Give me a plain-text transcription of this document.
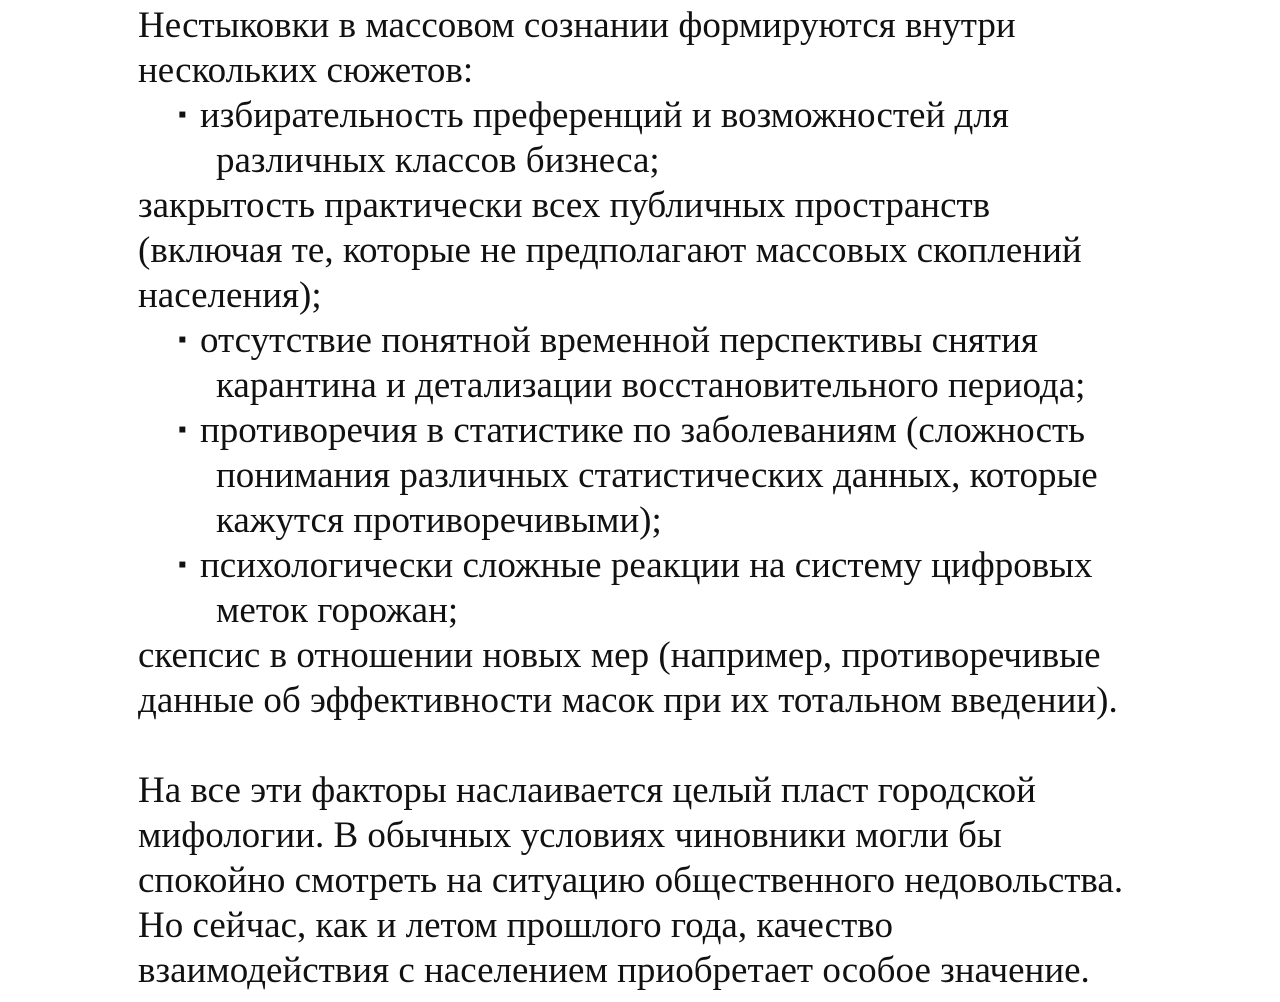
Нестыковки в массовом сознании формируются внутри
нескольких сюжетов:

▪ избирательность преференций и возможностей для
различных классов бизнеса;

закрытость практически всех публичных пространств
(включая те, которые не предполагают массовых скоплений
населения);

▪ отсутствие понятной временной перспективы снятия
карантина и детализации восстановительного периода;

▪ противоречия в статистике по заболеваниям (сложность
понимания различных статистических данных, которые
кажутся противоречивыми);

▪ психологически сложные реакции на систему цифровых
меток горожан;

скепсис в отношении новых мер (например, противоречивые
данные об эффективности масок при их тотальном введении).

На все эти факторы наслаивается целый пласт городской
мифологии. В обычных условиях чиновники могли бы
спокойно смотреть на ситуацию общественного недовольства.
Но сейчас, как и летом прошлого года, качество
взаимодействия с населением приобретает особое значение.
